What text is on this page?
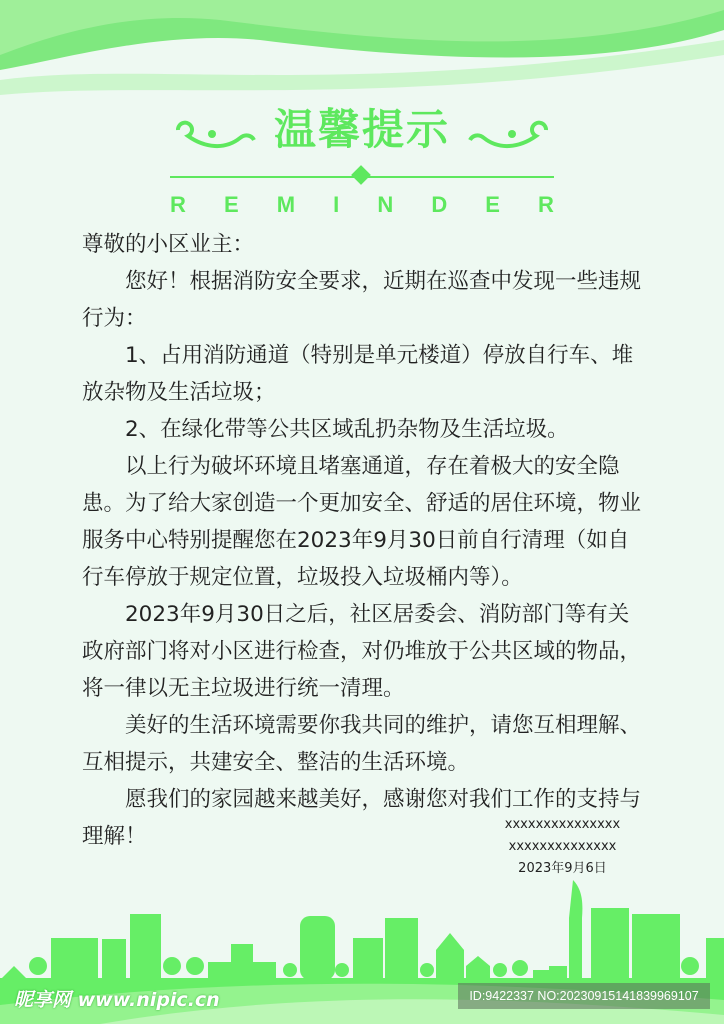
温馨提示
R E M I N D E R

尊敬的小区业主：

您好！根据消防安全要求，近期在巡查中发现一些违规行为：

1、占用消防通道（特别是单元楼道）停放自行车、堆放杂物及生活垃圾；

2、在绿化带等公共区域乱扔杂物及生活垃圾。

以上行为破坏环境且堵塞通道，存在着极大的安全隐患。为了给大家创造一个更加安全、舒适的居住环境，物业服务中心特别提醒您在2023年9月30日前自行清理（如自行车停放于规定位置，垃圾投入垃圾桶内等）。

2023年9月30日之后，社区居委会、消防部门等有关政府部门将对小区进行检查，对仍堆放于公共区域的物品，将一律以无主垃圾进行统一清理。

美好的生活环境需要你我共同的维护，请您互相理解、互相提示，共建安全、整洁的生活环境。

愿我们的家园越来越美好，感谢您对我们工作的支持与理解！	xxxxxxxxxxxxxxx
xxxxxxxxxxxxxx
2023年9月6日
昵享网 www.nipic.cn	ID:9422337 NO:20230915141839969107
